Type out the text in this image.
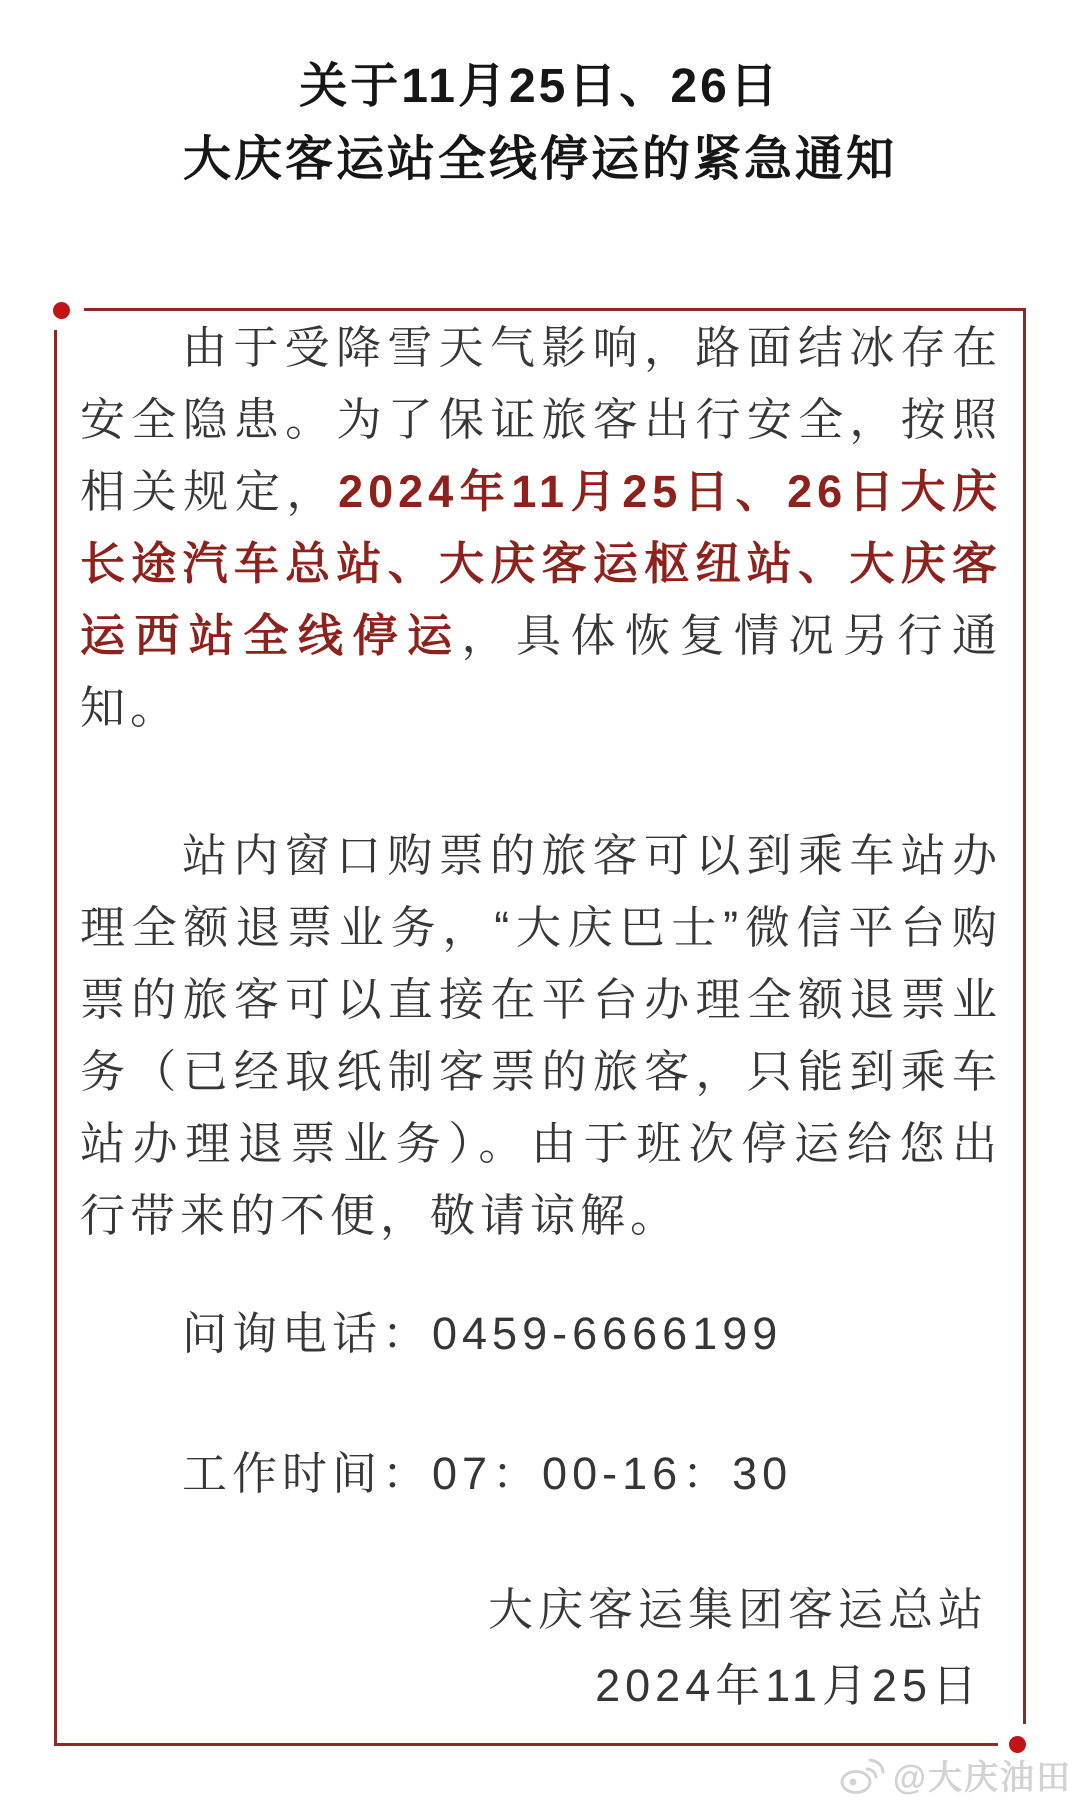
关于11月25日、26日
大庆客运站全线停运的紧急通知

由于受降雪天气影响，路面结冰存在安全隐患。为了保证旅客出行安全，按照相关规定，2024年11月25日、26日大庆长途汽车总站、大庆客运枢纽站、大庆客运西站全线停运，具体恢复情况另行通知。

站内窗口购票的旅客可以到乘车站办理全额退票业务，“大庆巴士”微信平台购票的旅客可以直接在平台办理全额退票业务（已经取纸制客票的旅客，只能到乘车站办理退票业务）。由于班次停运给您出行带来的不便，敬请谅解。

问询电话：0459-6666199

工作时间：07：00-16：30

大庆客运集团客运总站

2024年11月25日

@大庆油田
